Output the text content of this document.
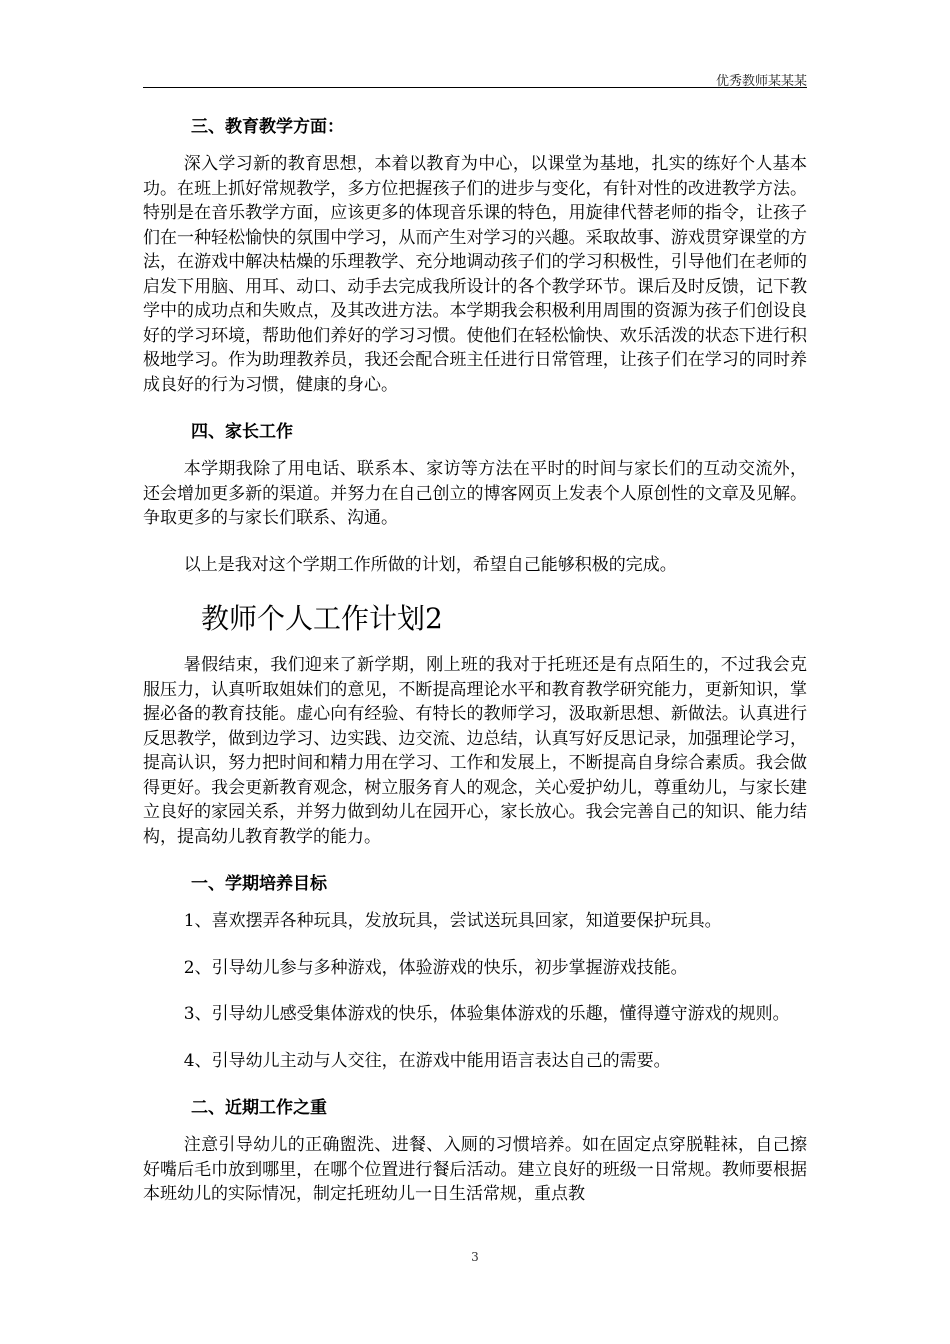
优秀教师某某某
三、教育教学方面：

深入学习新的教育思想，本着以教育为中心，以课堂为基地，扎实的练好个人基本功。在班上抓好常规教学，多方位把握孩子们的进步与变化，有针对性的改进教学方法。特别是在音乐教学方面，应该更多的体现音乐课的特色，用旋律代替老师的指令，让孩子们在一种轻松愉快的氛围中学习，从而产生对学习的兴趣。采取故事、游戏贯穿课堂的方法，在游戏中解决枯燥的乐理教学、充分地调动孩子们的学习积极性，引导他们在老师的启发下用脑、用耳、动口、动手去完成我所设计的各个教学环节。课后及时反馈，记下教学中的成功点和失败点，及其改进方法。本学期我会积极利用周围的资源为孩子们创设良好的学习环境，帮助他们养好的学习习惯。使他们在轻松愉快、欢乐活泼的状态下进行积极地学习。作为助理教养员，我还会配合班主任进行日常管理，让孩子们在学习的同时养成良好的行为习惯，健康的身心。

四、家长工作

本学期我除了用电话、联系本、家访等方法在平时的时间与家长们的互动交流外，还会增加更多新的渠道。并努力在自己创立的博客网页上发表个人原创性的文章及见解。争取更多的与家长们联系、沟通。

以上是我对这个学期工作所做的计划，希望自己能够积极的完成。

教师个人工作计划2

暑假结束，我们迎来了新学期，刚上班的我对于托班还是有点陌生的，不过我会克服压力，认真听取姐妹们的意见，不断提高理论水平和教育教学研究能力，更新知识，掌握必备的教育技能。虚心向有经验、有特长的教师学习，汲取新思想、新做法。认真进行反思教学，做到边学习、边实践、边交流、边总结，认真写好反思记录，加强理论学习，提高认识，努力把时间和精力用在学习、工作和发展上，不断提高自身综合素质。我会做得更好。我会更新教育观念，树立服务育人的观念，关心爱护幼儿，尊重幼儿，与家长建立良好的家园关系，并努力做到幼儿在园开心，家长放心。我会完善自己的知识、能力结构，提高幼儿教育教学的能力。

一、学期培养目标

1、喜欢摆弄各种玩具，发放玩具，尝试送玩具回家，知道要保护玩具。

2、引导幼儿参与多种游戏，体验游戏的快乐，初步掌握游戏技能。

3、引导幼儿感受集体游戏的快乐，体验集体游戏的乐趣，懂得遵守游戏的规则。

4、引导幼儿主动与人交往，在游戏中能用语言表达自己的需要。

二、近期工作之重

注意引导幼儿的正确盥洗、进餐、入厕的习惯培养。如在固定点穿脱鞋袜，自己擦好嘴后毛巾放到哪里，在哪个位置进行餐后活动。建立良好的班级一日常规。教师要根据本班幼儿的实际情况，制定托班幼儿一日生活常规，重点教

3
